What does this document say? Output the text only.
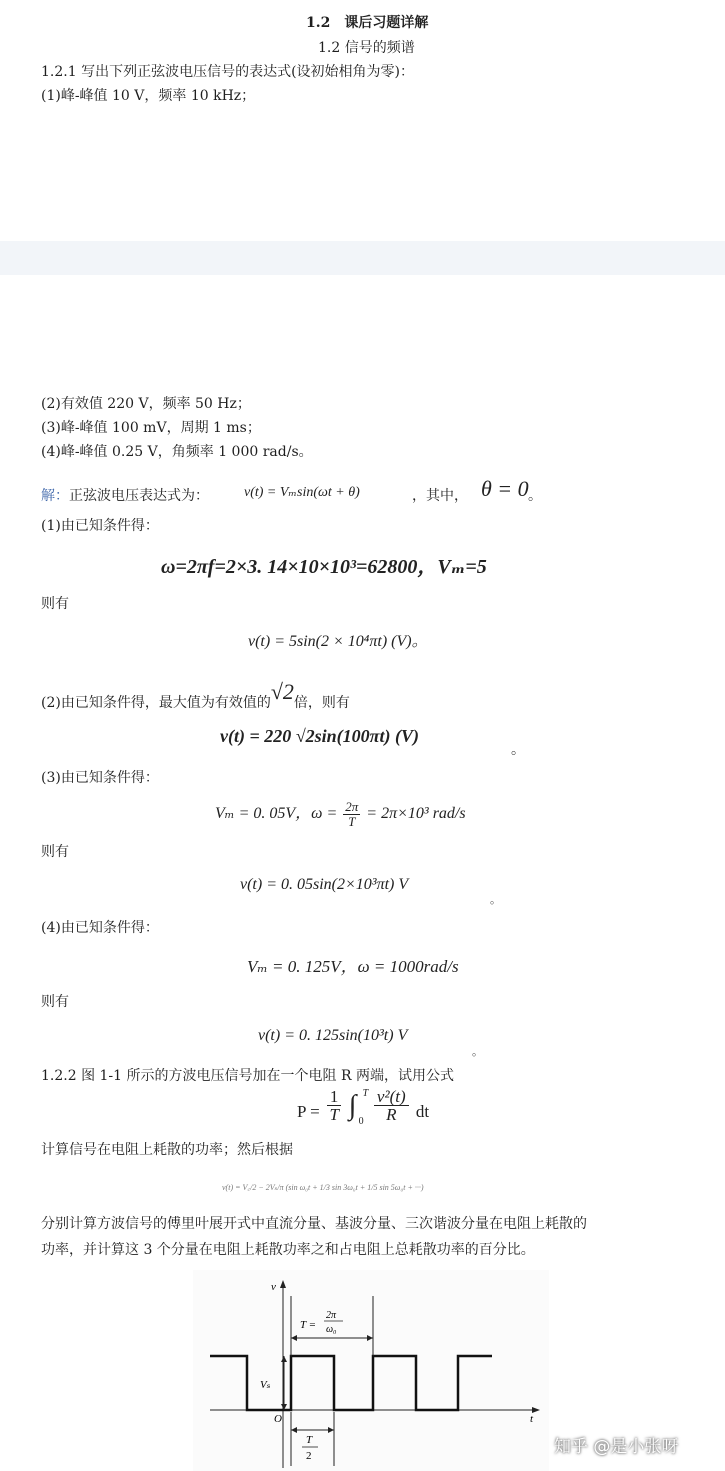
1.2　课后习题详解
1.2 信号的频谱
1.2.1 写出下列正弦波电压信号的表达式(设初始相角为零)：
(1)峰-峰值 10 V，频率 10 kHz；
(2)有效值 220 V，频率 50 Hz；
(3)峰-峰值 100 mV，周期 1 ms；
(4)峰-峰值 0.25 V，角频率 1 000 rad/s。
解：正弦波电压表达式为：	v(t) = Vₘsin(ωt + θ)	，其中， θ = 0 。
(1)由已知条件得：
ω=2πf=2×3. 14×10×10³=62800，Vₘ=5
则有
v(t) = 5sin(2 × 10⁴πt) (V)。
(2)由已知条件得，最大值为有效值的√2倍，则有
v(t) = 220 √2sin(100πt) (V)
。
(3)由已知条件得：
Vₘ = 0. 05V，$\omega = \frac{2\pi}{T} = 2\pi\times 10^3$ rad/s
则有
v(t) = 0. 05sin(2×10³πt) V
。
(4)由已知条件得：
Vₘ = 0. 125V，ω = 1000rad/s
则有
v(t) = 0. 125sin(10³t) V
。
1.2.2 图 1-1 所示的方波电压信号加在一个电阻 R 两端，试用公式
$P = \frac{1}{T}$ ∫ T
0
$\frac{\text{v²(t)}}{R}$ dt
计算信号在电阻上耗散的功率；然后根据
v(t) = V꜀/2 − 2Vₛ/π (sin ω₀t + 1/3 sin 3ω₀t + 1/5 sin 5ω₀t + ···)
分别计算方波信号的傅里叶展开式中直流分量、基波分量、三次谐波分量在电阻上耗散的
功率，并计算这 3 个分量在电阻上耗散功率之和占电阻上总耗散功率的百分比。
v
t
O
T =
2π
ω₀
Vₛ
T
2	知乎 @是小张呀
